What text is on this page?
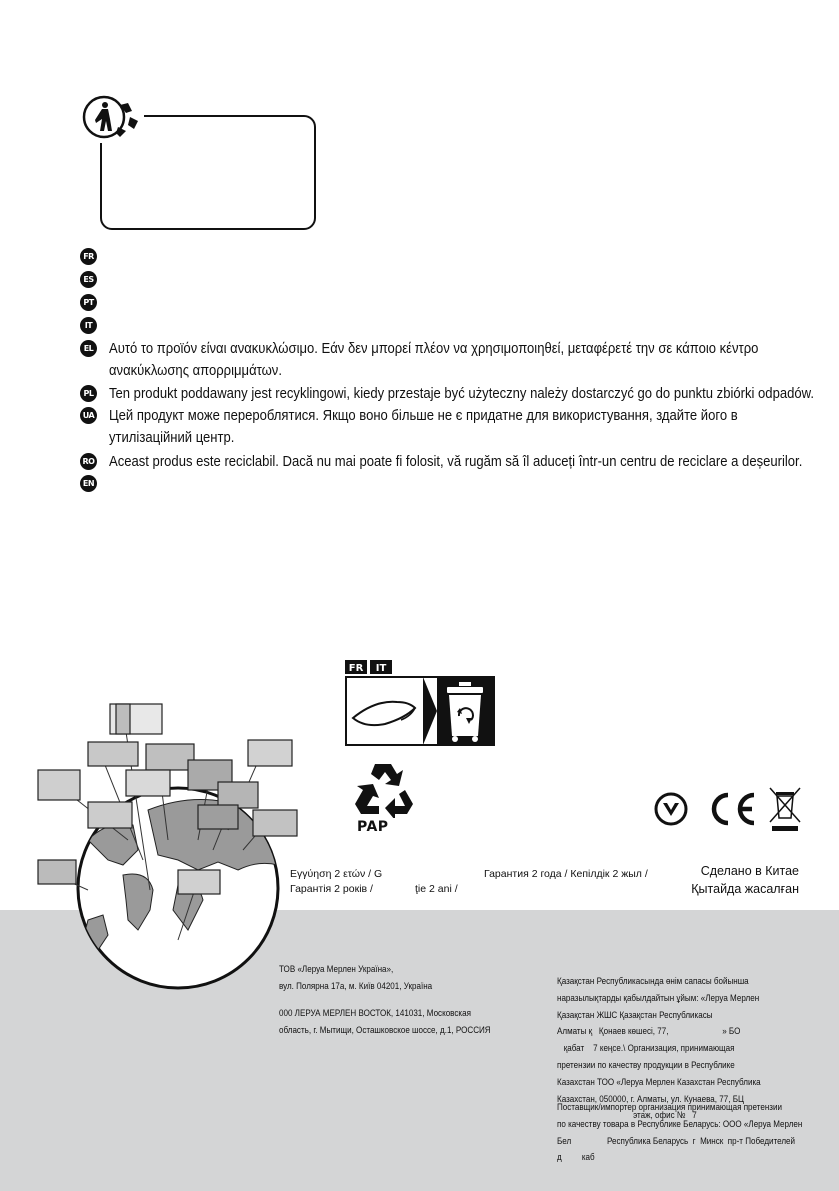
FR
ES
PT
IT
EL Αυτό το προϊόν είναι ανακυκλώσιμο. Εάν δεν μπορεί πλέον να χρησιμοποιηθεί, μεταφέρετέ την σε κάποιο κέντρο
ανακύκλωσης απορριμμάτων.
PL Ten produkt poddawany jest recyklingowi, kiedy przestaje być użyteczny należy dostarczyć go do punktu zbiórki odpadów.
UA Цей продукт може перероблятися. Якщо воно більше не є придатне для використування, здайте його в
утилізаційний центр.
RO Aceast produs este reciclabil. Dacă nu mai poate fi folosit, vă rugăm să îl aduceți într-un centru de reciclare a deșeurilor.
EN
FR IT
PAP
Εγγύηση 2 ετών / G	Гарантия 2 года / Кепілдік 2 жыл /
Гарантія 2 років /	ţie 2 ani /
Сделано в Китае
Қытайда жасалған
ТОВ «Леруа Мерлен Україна»,
вул. Полярна 17а, м. Київ 04201, Україна
000 ЛЕРУА МЕРЛЕН ВОСТОК, 141031, Московская
область, г. Мытищи, Осташковское шоссе, д.1, РОССИЯ
Қазақстан Республикасында өнім сапасы бойынша
наразылықтарды қабылдайтын ұйым: «Леруа Мерлен
Қазақстан ЖШС Қазақстан Республикасы
Алматы қ   Қонаев көшесі, 77,                        » БО
қабат    7 кеңсе.\ Организация, принимающая
претензии по качеству продукции в Республике
Казахстан ТОО «Леруа Мерлен Казахстан Республика
Казахстан, 050000, г. Алматы, ул. Кунаева, 77, БЦ
этаж, офис №   7
Поставщик/импортер организация принимающая претензии
по качеству товара в Республике Беларусь: ООО «Леруа Мерлен
Бел                Республика Беларусь  г  Минск  пр-т Победителей
д         каб
